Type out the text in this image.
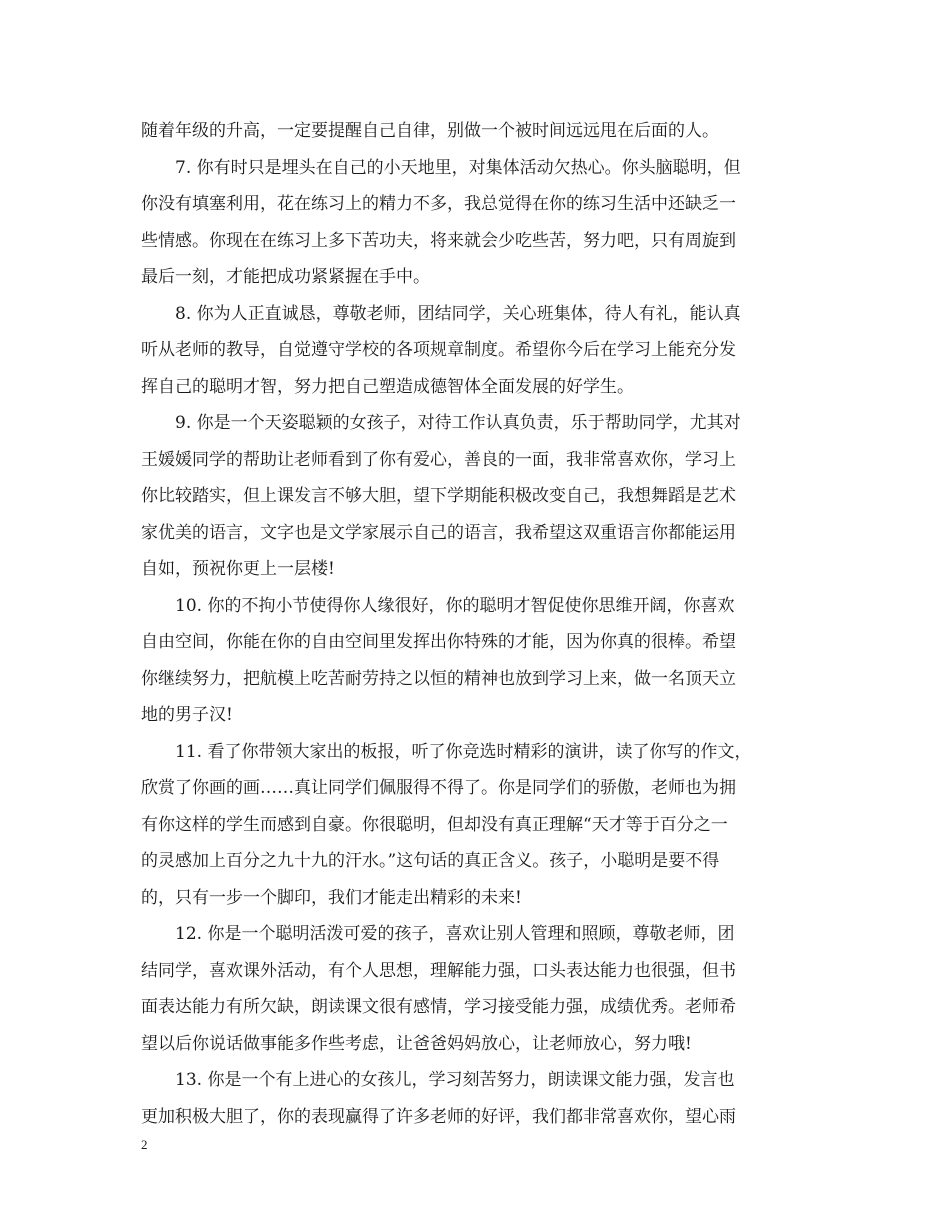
随着年级的升高，一定要提醒自己自律，别做一个被时间远远甩在后面的人。
7. 你有时只是埋头在自己的小天地里，对集体活动欠热心。你头脑聪明，但
你没有填塞利用，花在练习上的精力不多，我总觉得在你的练习生活中还缺乏一
些情感。你现在在练习上多下苦功夫，将来就会少吃些苦，努力吧，只有周旋到
最后一刻，才能把成功紧紧握在手中。
8. 你为人正直诚恳，尊敬老师，团结同学，关心班集体，待人有礼，能认真
听从老师的教导，自觉遵守学校的各项规章制度。希望你今后在学习上能充分发
挥自己的聪明才智，努力把自己塑造成德智体全面发展的好学生。
9. 你是一个天姿聪颖的女孩子，对待工作认真负责，乐于帮助同学，尤其对
王媛媛同学的帮助让老师看到了你有爱心，善良的一面，我非常喜欢你，学习上
你比较踏实，但上课发言不够大胆，望下学期能积极改变自己，我想舞蹈是艺术
家优美的语言，文字也是文学家展示自己的语言，我希望这双重语言你都能运用
自如，预祝你更上一层楼!
10. 你的不拘小节使得你人缘很好，你的聪明才智促使你思维开阔，你喜欢
自由空间，你能在你的自由空间里发挥出你特殊的才能，因为你真的很棒。希望
你继续努力，把航模上吃苦耐劳持之以恒的精神也放到学习上来，做一名顶天立
地的男子汉!
11. 看了你带领大家出的板报，听了你竞选时精彩的演讲，读了你写的作文，
欣赏了你画的画……真让同学们佩服得不得了。你是同学们的骄傲，老师也为拥
有你这样的学生而感到自豪。你很聪明，但却没有真正理解“天才等于百分之一
的灵感加上百分之九十九的汗水。”这句话的真正含义。孩子，小聪明是要不得
的，只有一步一个脚印，我们才能走出精彩的未来!
12. 你是一个聪明活泼可爱的孩子，喜欢让别人管理和照顾，尊敬老师，团
结同学，喜欢课外活动，有个人思想，理解能力强，口头表达能力也很强，但书
面表达能力有所欠缺，朗读课文很有感情，学习接受能力强，成绩优秀。老师希
望以后你说话做事能多作些考虑，让爸爸妈妈放心，让老师放心，努力哦!
13. 你是一个有上进心的女孩儿，学习刻苦努力，朗读课文能力强，发言也
更加积极大胆了，你的表现赢得了许多老师的好评，我们都非常喜欢你，望心雨
2
